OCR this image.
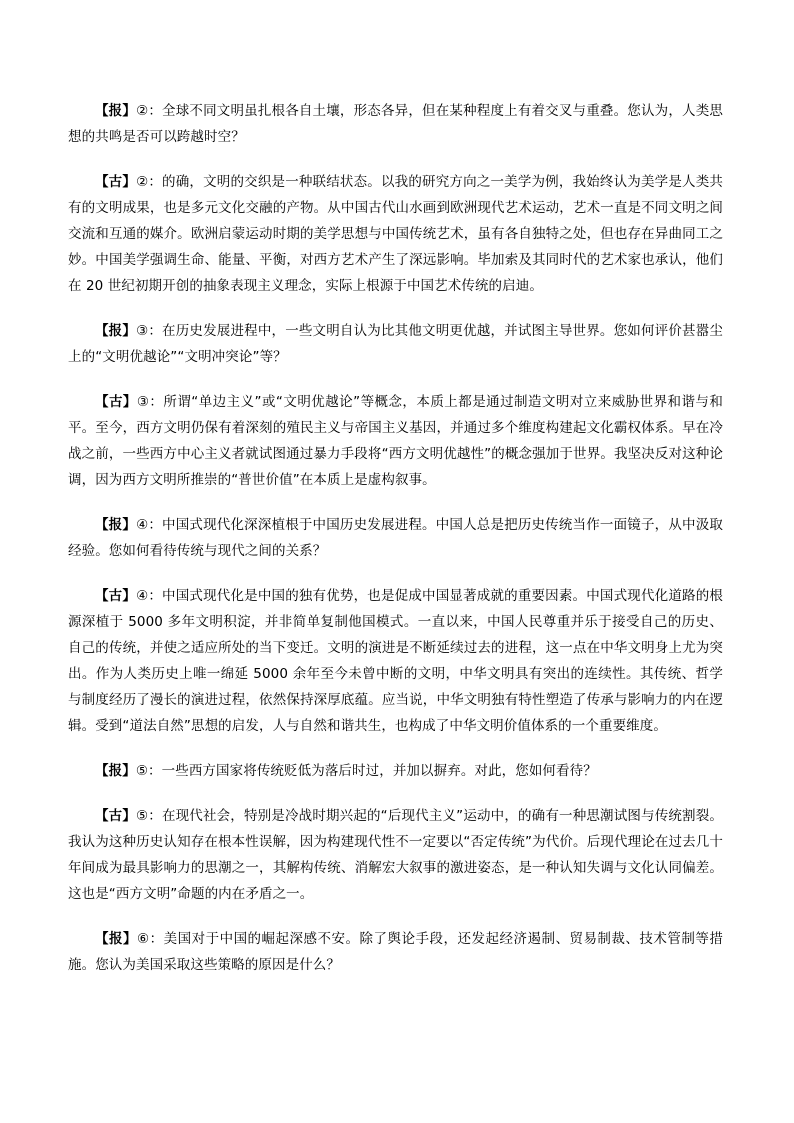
【报】②：全球不同文明虽扎根各自土壤，形态各异，但在某种程度上有着交叉与重叠。您认为，人类思想的共鸣是否可以跨越时空？

【古】②：的确，文明的交织是一种联结状态。以我的研究方向之一美学为例，我始终认为美学是人类共有的文明成果，也是多元文化交融的产物。从中国古代山水画到欧洲现代艺术运动，艺术一直是不同文明之间交流和互通的媒介。欧洲启蒙运动时期的美学思想与中国传统艺术，虽有各自独特之处，但也存在异曲同工之妙。中国美学强调生命、能量、平衡，对西方艺术产生了深远影响。毕加索及其同时代的艺术家也承认，他们在 20 世纪初期开创的抽象表现主义理念，实际上根源于中国艺术传统的启迪。

【报】③：在历史发展进程中，一些文明自认为比其他文明更优越，并试图主导世界。您如何评价甚嚣尘上的“文明优越论”“文明冲突论”等？

【古】③：所谓“单边主义”或“文明优越论”等概念，本质上都是通过制造文明对立来威胁世界和谐与和平。至今，西方文明仍保有着深刻的殖民主义与帝国主义基因，并通过多个维度构建起文化霸权体系。早在冷战之前，一些西方中心主义者就试图通过暴力手段将“西方文明优越性”的概念强加于世界。我坚决反对这种论调，因为西方文明所推崇的“普世价值”在本质上是虚构叙事。

【报】④：中国式现代化深深植根于中国历史发展进程。中国人总是把历史传统当作一面镜子，从中汲取经验。您如何看待传统与现代之间的关系？

【古】④：中国式现代化是中国的独有优势，也是促成中国显著成就的重要因素。中国式现代化道路的根源深植于 5000 多年文明积淀，并非简单复制他国模式。一直以来，中国人民尊重并乐于接受自己的历史、自己的传统，并使之适应所处的当下变迁。文明的演进是不断延续过去的进程，这一点在中华文明身上尤为突出。作为人类历史上唯一绵延 5000 余年至今未曾中断的文明，中华文明具有突出的连续性。其传统、哲学与制度经历了漫长的演进过程，依然保持深厚底蕴。应当说，中华文明独有特性塑造了传承与影响力的内在逻辑。受到“道法自然”思想的启发，人与自然和谐共生，也构成了中华文明价值体系的一个重要维度。

【报】⑤：一些西方国家将传统贬低为落后时过，并加以摒弃。对此，您如何看待？

【古】⑤：在现代社会，特别是冷战时期兴起的“后现代主义”运动中，的确有一种思潮试图与传统割裂。我认为这种历史认知存在根本性误解，因为构建现代性不一定要以“否定传统”为代价。后现代理论在过去几十年间成为最具影响力的思潮之一，其解构传统、消解宏大叙事的激进姿态，是一种认知失调与文化认同偏差。这也是“西方文明”命题的内在矛盾之一。

【报】⑥：美国对于中国的崛起深感不安。除了舆论手段，还发起经济遏制、贸易制裁、技术管制等措施。您认为美国采取这些策略的原因是什么？
